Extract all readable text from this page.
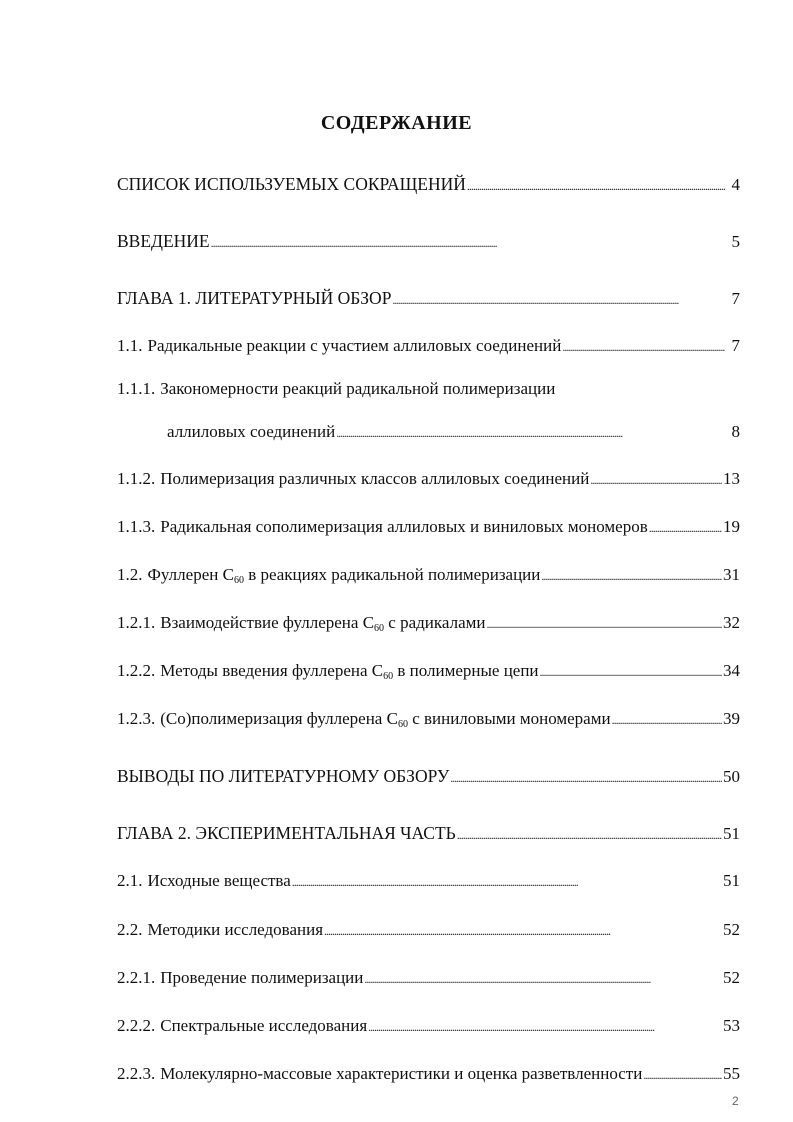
СОДЕРЖАНИЕ
СПИСОК ИСПОЛЬЗУЕМЫХ СОКРАЩЕНИЙ . . .	4
ВВЕДЕНИЕ . . .	5
ГЛАВА 1. ЛИТЕРАТУРНЫЙ ОБЗОР . . .	7
1.1. Радикальные реакции с участием аллиловых соединений . . .	7
1.1.1. Закономерности реакций радикальной полимеризации
аллиловых соединений . . .	8
1.1.2. Полимеризация различных классов аллиловых соединений . . .	13
1.1.3. Радикальная сополимеризация аллиловых и виниловых мономеров . . .	19
1.2. Фуллерен $С_{60}$ в реакциях радикальной полимеризации . . .	31
1.2.1. Взаимодействие фуллерена $С_{60}$ с радикалами . . .	32
1.2.2. Методы введения фуллерена $С_{60}$ в полимерные цепи . . .	34
1.2.3. (Со)полимеризация фуллерена $С_{60}$ с виниловыми мономерами . . .	39
ВЫВОДЫ ПО ЛИТЕРАТУРНОМУ ОБЗОРУ . . .	50
ГЛАВА 2. ЭКСПЕРИМЕНТАЛЬНАЯ ЧАСТЬ . . .	51
2.1. Исходные вещества . . .	51
2.2. Методики исследования . . .	52
2.2.1. Проведение полимеризации . . .	52
2.2.2. Спектральные исследования . . .	53
2.2.3. Молекулярно-массовые характеристики и оценка разветвленности . . .	55
2
